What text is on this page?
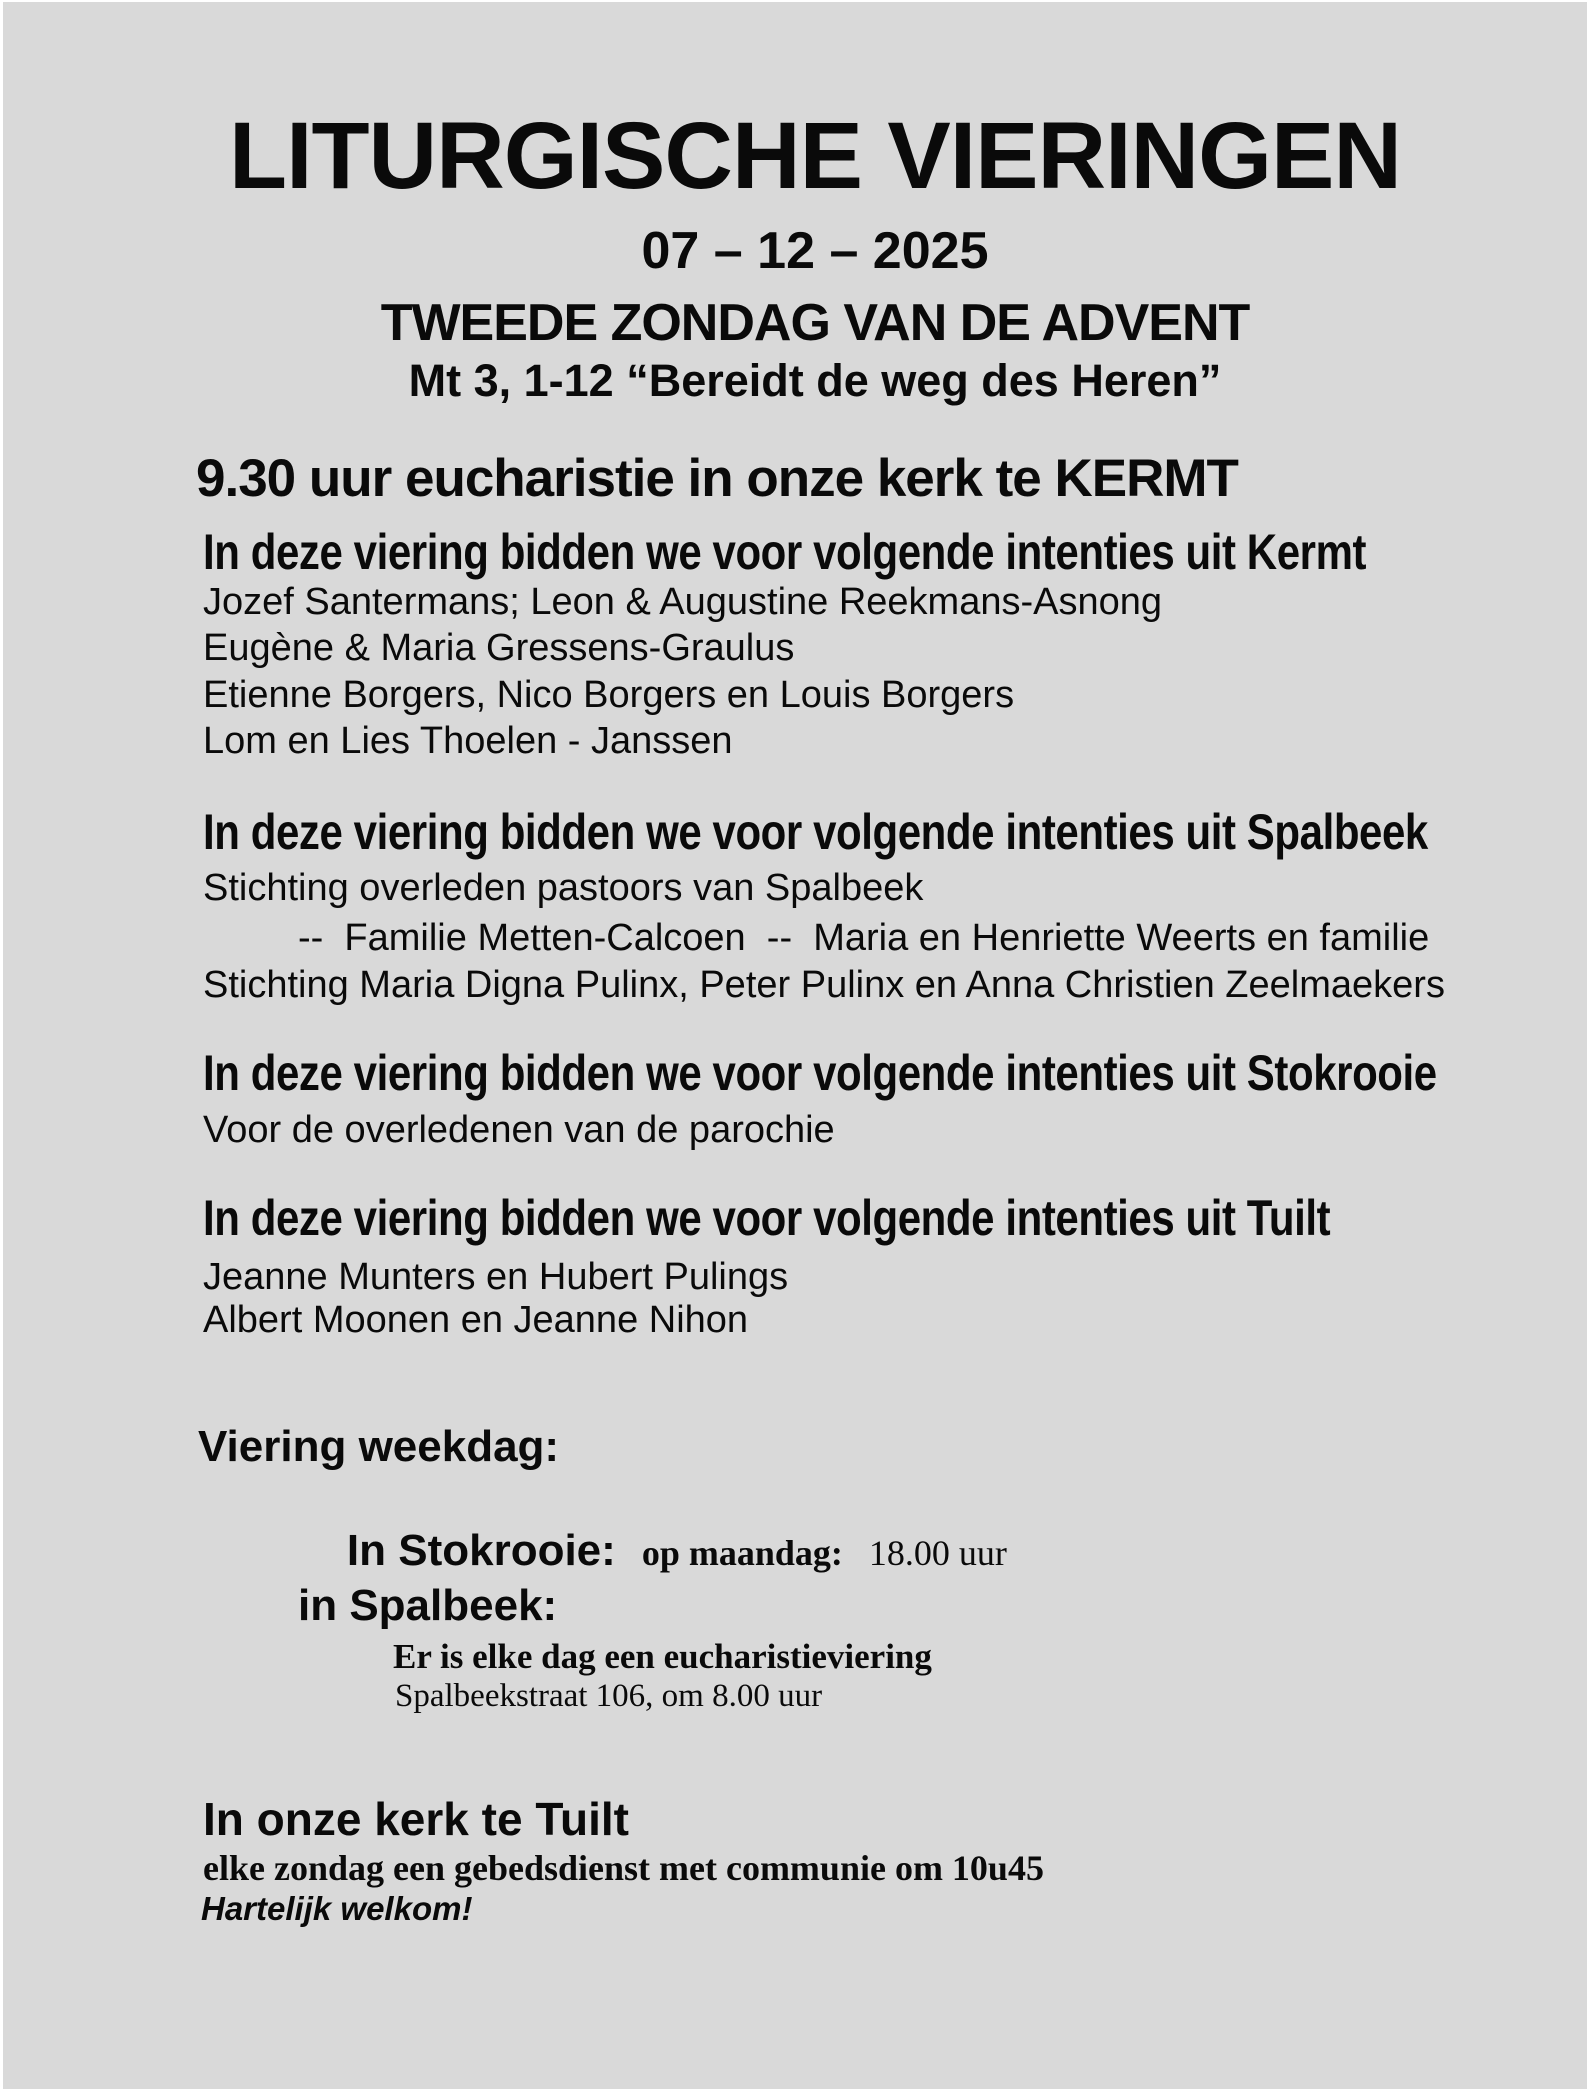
LITURGISCHE VIERINGEN
07 – 12 – 2025
TWEEDE ZONDAG VAN DE ADVENT
Mt 3, 1-12 “Bereidt de weg des Heren”
9.30 uur eucharistie in onze kerk te KERMT
In deze viering bidden we voor volgende intenties uit Kermt
Jozef Santermans; Leon & Augustine Reekmans-Asnong
Eugène & Maria Gressens-Graulus
Etienne Borgers, Nico Borgers en Louis Borgers
Lom en Lies Thoelen - Janssen
In deze viering bidden we voor volgende intenties uit Spalbeek
Stichting overleden pastoors van Spalbeek
--  Familie Metten-Calcoen  --  Maria en Henriette Weerts en familie
Stichting Maria Digna Pulinx, Peter Pulinx en Anna Christien Zeelmaekers
In deze viering bidden we voor volgende intenties uit Stokrooie
Voor de overledenen van de parochie
In deze viering bidden we voor volgende intenties uit Tuilt
Jeanne Munters en Hubert Pulings
Albert Moonen en Jeanne Nihon
Viering weekdag:

In Stokrooie: op maandag: 18.00 uur

in Spalbeek:
Er is elke dag een eucharistieviering
Spalbeekstraat 106, om 8.00 uur
In onze kerk te Tuilt
elke zondag een gebedsdienst met communie om 10u45
Hartelijk welkom!
